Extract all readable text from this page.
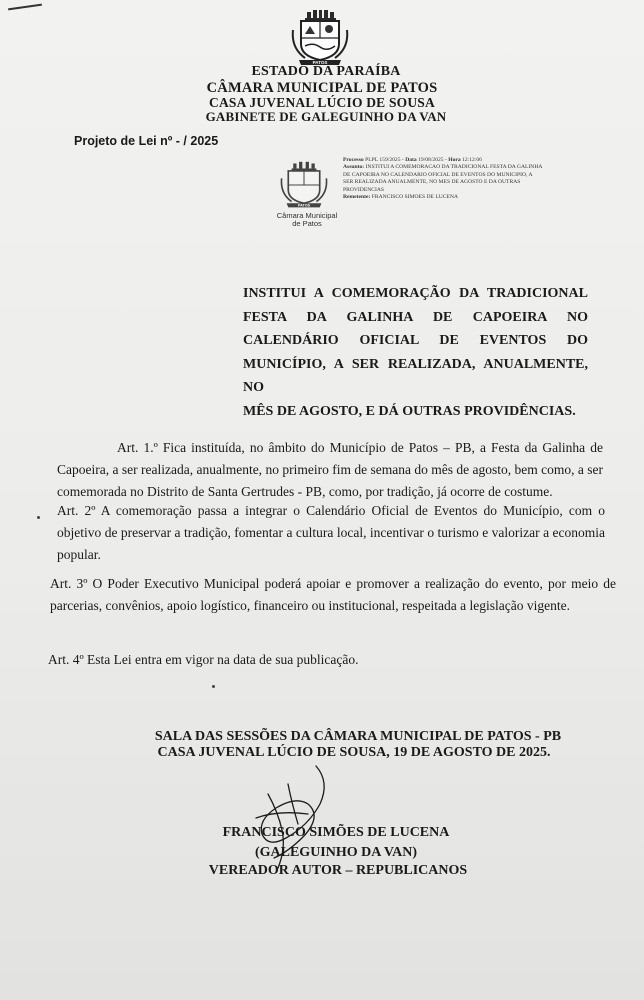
PATOS
ESTADO DA PARAÍBA
CÂMARA MUNICIPAL DE PATOS
CASA JUVENAL LÚCIO DE SOUSA
GABINETE DE GALEGUINHO DA VAN
Projeto de Lei nº - / 2025
PATOS
Câmara Municipal
de Patos
Processo PLPL 159/2025 - Data 19/08/2025 - Hora 12:12:06
Assunto: INSTITUI A COMEMORACAO DA TRADICIONAL FESTA DA GALINHA DE CAPOEIRA NO CALENDARIO OFICIAL DE EVENTOS DO MUNICIPIO, A SER REALIZADA ANUALMENTE, NO MES DE AGOSTO E DA OUTRAS PROVIDENCIAS
Remetente: FRANCISCO SIMOES DE LUCENA
INSTITUI A COMEMORAÇÃO DA TRADICIONAL FESTA DA GALINHA DE CAPOEIRA NO CALENDÁRIO OFICIAL DE EVENTOS DO MUNICÍPIO, A SER REALIZADA, ANUALMENTE, NO
MÊS DE AGOSTO, E DÁ OUTRAS PROVIDÊNCIAS.
Art. 1.º Fica instituída, no âmbito do Município de Patos – PB, a Festa da Galinha de Capoeira, a ser realizada, anualmente, no primeiro fim de semana do mês de agosto, bem como, a ser comemorada no Distrito de Santa Gertrudes - PB, como, por tradição, já ocorre de costume.
Art. 2º A comemoração passa a integrar o Calendário Oficial de Eventos do Município, com o objetivo de preservar a tradição, fomentar a cultura local, incentivar o turismo e valorizar a economia popular.
Art. 3º O Poder Executivo Municipal poderá apoiar e promover a realização do evento, por meio de parcerias, convênios, apoio logístico, financeiro ou institucional, respeitada a legislação vigente.
Art. 4º Esta Lei entra em vigor na data de sua publicação.
SALA DAS SESSÕES DA CÂMARA MUNICIPAL DE PATOS - PB
CASA JUVENAL LÚCIO DE SOUSA, 19 DE AGOSTO DE 2025.
FRANCISCO SIMÕES DE LUCENA
(GALEGUINHO DA VAN)
VEREADOR AUTOR – REPUBLICANOS
